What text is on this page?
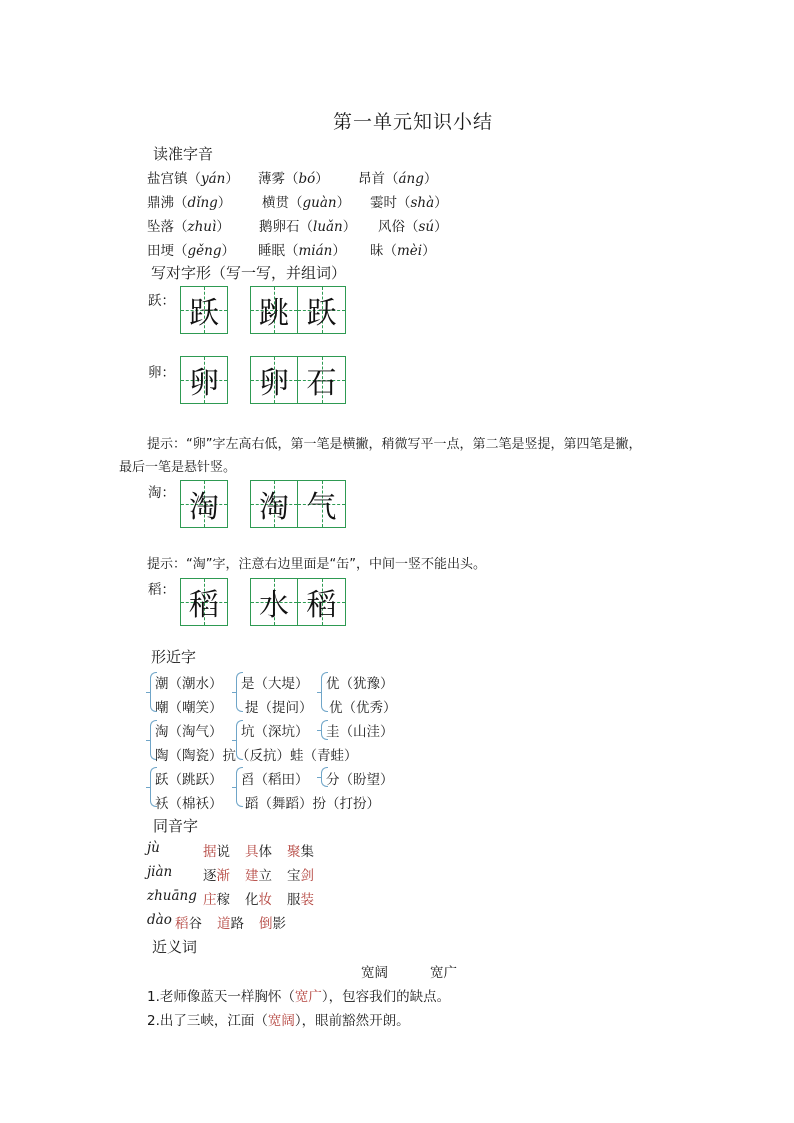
第一单元知识小结
读准字音
盐宫镇（yán） 薄雾（bó） 昂首（áng）
鼎沸（dǐng） 横贯（guàn） 霎时（shà）
坠落（zhuì） 鹅卵石（luǎn） 风俗（sú）
田埂（gěng） 睡眠（mián） 昧（mèi）
写对字形（写一写，并组词）
跃： 跃 跳 跃
卵： 卵 卵 石
提示：“卵”字左高右低，第一笔是横撇，稍微写平一点，第二笔是竖提，第四笔是撇，
最后一笔是悬针竖。
淘： 淘 淘 气
提示：“淘”字，注意右边里面是“缶”，中间一竖不能出头。
稻： 稻 水 稻
形近字
潮（潮水） 是（大堤） 优（犹豫）
嘲（嘲笑） 提（提问） 优（优秀）
淘（淘气） 坑（深坑） 圭（山洼）
陶（陶瓷）抗（反抗）蛙（青蛙）
跃（跳跃） 舀（稻田） 分（盼望）
袄（棉袄） 蹈（舞蹈）扮（打扮）
同音字
jù	据说 具体 聚集
jiàn 逐渐 建立 宝剑
zhuāng 庄稼 化妆 服装
dào 稻谷 道路 倒影
近义词
宽阔	宽广
1.老师像蓝天一样胸怀（宽广），包容我们的缺点。
2.出了三峡，江面（宽阔），眼前豁然开朗。
